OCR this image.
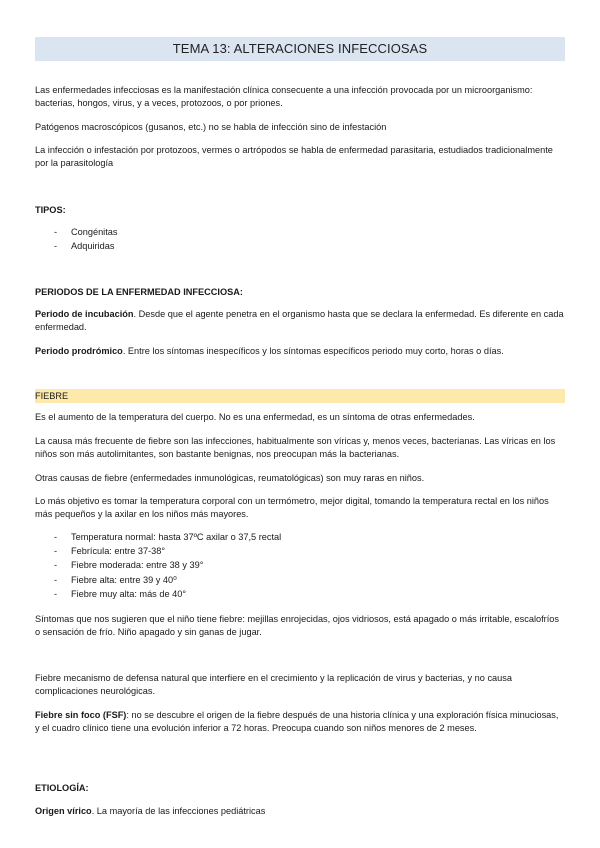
TEMA 13: ALTERACIONES INFECCIOSAS

Las enfermedades infecciosas es la manifestación clínica consecuente a una infección provocada por un microorganismo: bacterias, hongos, virus, y a veces, protozoos, o por priones.

Patógenos macroscópicos (gusanos, etc.) no se habla de infección sino de infestación

La infección o infestación por protozoos, vermes o artrópodos se habla de enfermedad parasitaria, estudiados tradicionalmente por la parasitología

TIPOS:

- Congénitas
- Adquiridas

PERIODOS DE LA ENFERMEDAD INFECCIOSA:

Periodo de incubación. Desde que el agente penetra en el organismo hasta que se declara la enfermedad. Es diferente en cada enfermedad.

Periodo prodrómico. Entre los síntomas inespecíficos y los síntomas específicos periodo muy corto, horas o días.

FIEBRE

Es el aumento de la temperatura del cuerpo. No es una enfermedad, es un síntoma de otras enfermedades.

La causa más frecuente de fiebre son las infecciones, habitualmente son víricas y, menos veces, bacterianas. Las víricas en los niños son más autolimitantes, son bastante benignas, nos preocupan más la bacterianas.

Otras causas de fiebre (enfermedades inmunológicas, reumatológicas) son muy raras en niños.

Lo más objetivo es tomar la temperatura corporal con un termómetro, mejor digital, tomando la temperatura rectal en los niños más pequeños y la axilar en los niños más mayores.

- Temperatura normal: hasta 37ºC axilar o 37,5 rectal
- Febrícula: entre 37-38°
- Fiebre moderada: entre 38 y 39°
- Fiebre alta: entre 39 y 40⁰
- Fiebre muy alta: más de 40°

Síntomas que nos sugieren que el niño tiene fiebre: mejillas enrojecidas, ojos vidriosos, está apagado o más irritable, escalofríos o sensación de frío. Niño apagado y sin ganas de jugar.

Fiebre mecanismo de defensa natural que interfiere en el crecimiento y la replicación de virus y bacterias, y no causa complicaciones neurológicas.

Fiebre sin foco (FSF): no se descubre el origen de la fiebre después de una historia clínica y una exploración física minuciosas, y el cuadro clínico tiene una evolución inferior a 72 horas. Preocupa cuando son niños menores de 2 meses.

ETIOLOGÍA:

Origen vírico. La mayoría de las infecciones pediátricas
